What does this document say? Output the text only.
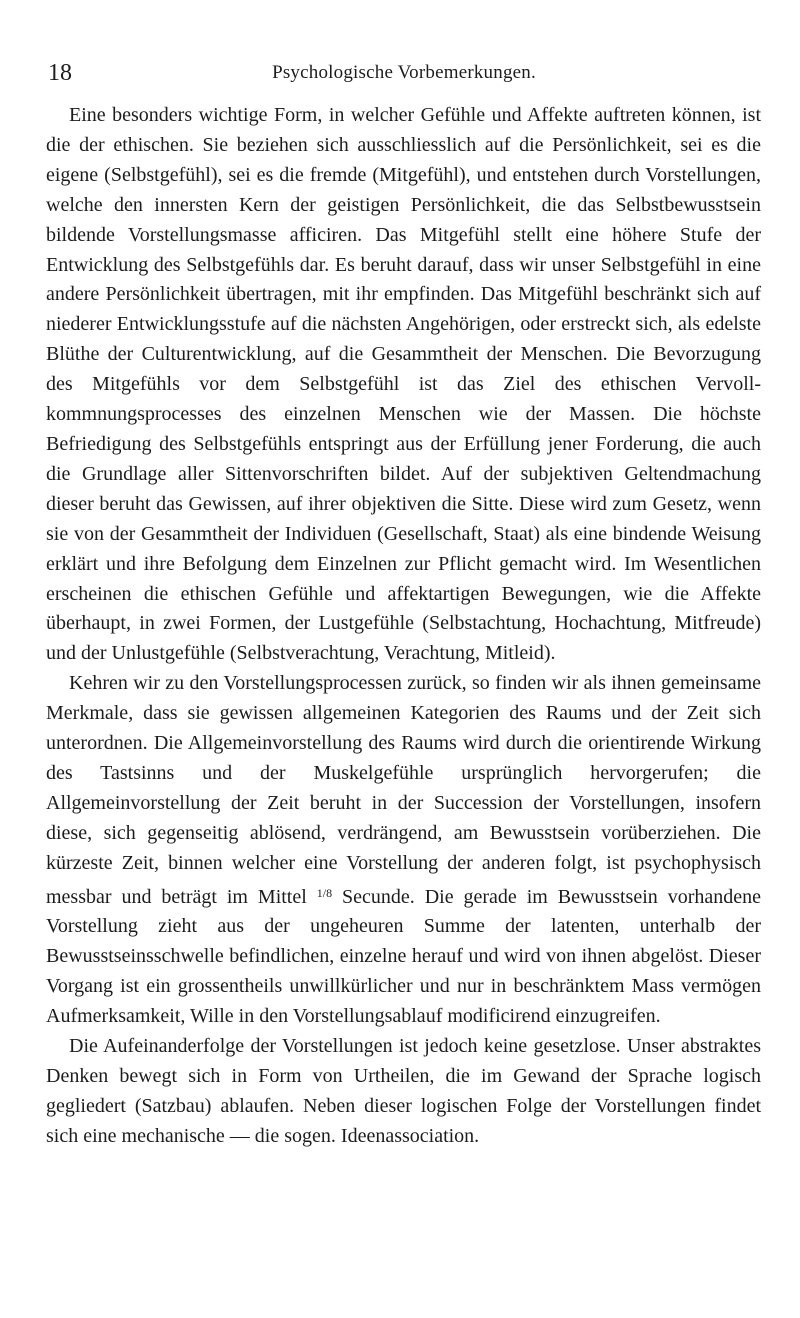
18	Psychologische Vorbemerkungen.

Eine besonders wichtige Form, in welcher Gefühle und Affekte auftreten können, ist die der ethischen. Sie beziehen sich ausschliesslich auf die Persönlichkeit, sei es die eigene (Selbstgefühl), sei es die fremde (Mitgefühl), und entstehen durch Vorstellungen, welche den innersten Kern der geistigen Persönlichkeit, die das Selbstbewusstsein bildende Vorstellungsmasse afficiren. Das Mitgefühl stellt eine höhere Stufe der Entwicklung des Selbstgefühls dar. Es beruht darauf, dass wir unser Selbstgefühl in eine andere Persönlichkeit übertragen, mit ihr empfinden. Das Mitgefühl beschränkt sich auf niederer Entwicklungsstufe auf die nächsten Angehörigen, oder erstreckt sich, als edelste Blüthe der Culturentwicklung, auf die Gesammtheit der Menschen. Die Bevorzugung des Mitgefühls vor dem Selbstgefühl ist das Ziel des ethischen Vervollkommnungsprocesses des einzelnen Menschen wie der Massen. Die höchste Befriedigung des Selbstgefühls entspringt aus der Erfüllung jener Forderung, die auch die Grundlage aller Sittenvorschriften bildet. Auf der subjektiven Geltendmachung dieser beruht das Gewissen, auf ihrer objektiven die Sitte. Diese wird zum Gesetz, wenn sie von der Gesammtheit der Individuen (Gesellschaft, Staat) als eine bindende Weisung erklärt und ihre Befolgung dem Einzelnen zur Pflicht gemacht wird. Im Wesentlichen erscheinen die ethischen Gefühle und affektartigen Bewegungen, wie die Affekte überhaupt, in zwei Formen, der Lustgefühle (Selbstachtung, Hochachtung, Mitfreude) und der Unlustgefühle (Selbstverachtung, Verachtung, Mitleid).

Kehren wir zu den Vorstellungsprocessen zurück, so finden wir als ihnen gemeinsame Merkmale, dass sie gewissen allgemeinen Kategorien des Raums und der Zeit sich unterordnen. Die Allgemeinvorstellung des Raums wird durch die orientirende Wirkung des Tastsinns und der Muskelgefühle ursprünglich hervorgerufen; die Allgemeinvorstellung der Zeit beruht in der Succession der Vorstellungen, insofern diese, sich gegenseitig ablösend, verdrängend, am Bewusstsein vorüberziehen. Die kürzeste Zeit, binnen welcher eine Vorstellung der anderen folgt, ist psychophysisch messbar und beträgt im Mittel $^{1/8}$ Secunde. Die gerade im Bewusstsein vorhandene Vorstellung zieht aus der ungeheuren Summe der latenten, unterhalb der Bewusstseinsschwelle befindlichen, einzelne herauf und wird von ihnen abgelöst. Dieser Vorgang ist ein grossentheils unwillkürlicher und nur in beschränktem Mass vermögen Aufmerksamkeit, Wille in den Vorstellungsablauf modificirend einzugreifen.

Die Aufeinanderfolge der Vorstellungen ist jedoch keine gesetzlose. Unser abstraktes Denken bewegt sich in Form von Urtheilen, die im Gewand der Sprache logisch gegliedert (Satzbau) ablaufen. Neben dieser logischen Folge der Vorstellungen findet sich eine mechanische — die sogen. Ideenassociation.
